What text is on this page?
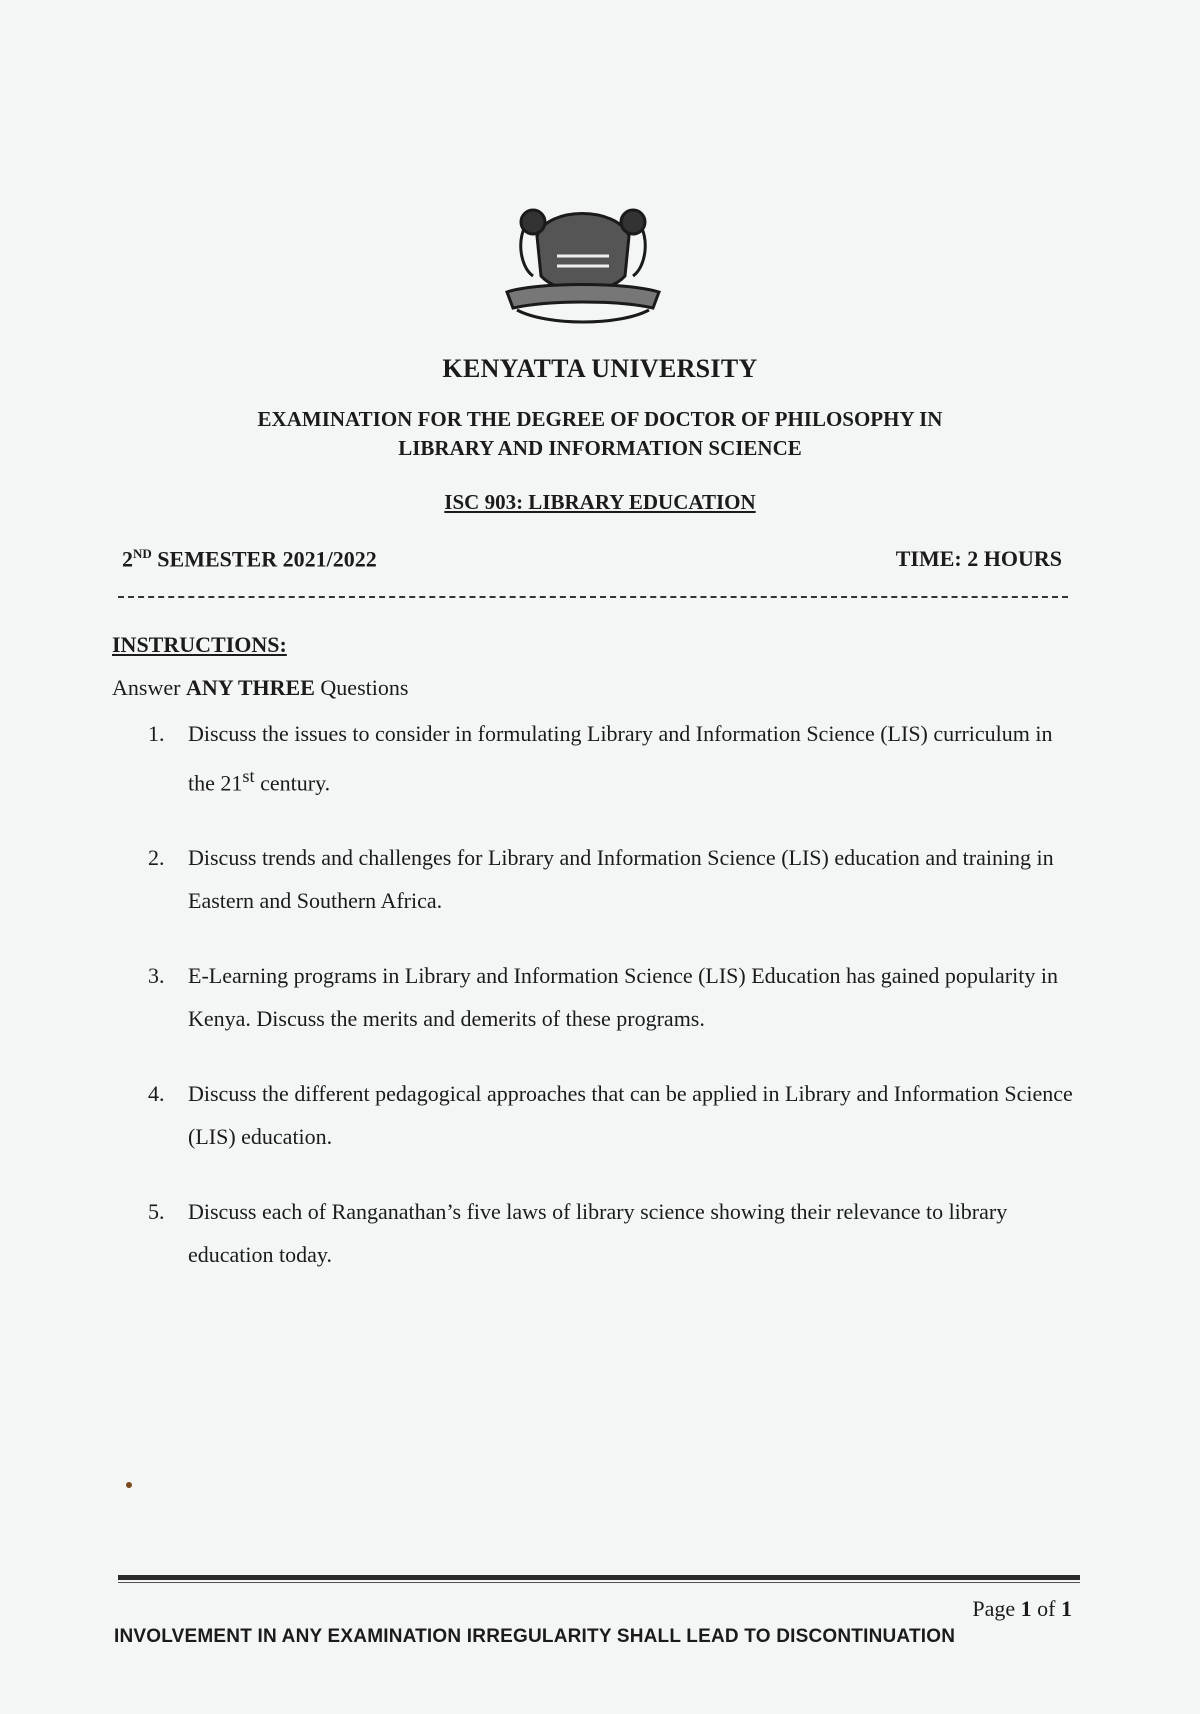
KENYATTA UNIVERSITY
EXAMINATION FOR THE DEGREE OF DOCTOR OF PHILOSOPHY IN
LIBRARY AND INFORMATION SCIENCE
ISC 903: LIBRARY EDUCATION
2ND SEMESTER 2021/2022	TIME: 2 HOURS
INSTRUCTIONS:
Answer ANY THREE Questions
1. Discuss the issues to consider in formulating Library and Information Science (LIS) curriculum in the 21st century.
2. Discuss trends and challenges for Library and Information Science (LIS) education and training in Eastern and Southern Africa.
3. E-Learning programs in Library and Information Science (LIS) Education has gained popularity in Kenya. Discuss the merits and demerits of these programs.
4. Discuss the different pedagogical approaches that can be applied in Library and Information Science (LIS) education.
5. Discuss each of Ranganathan’s five laws of library science showing their relevance to library education today.
Page 1 of 1
INVOLVEMENT IN ANY EXAMINATION IRREGULARITY SHALL LEAD TO DISCONTINUATION
